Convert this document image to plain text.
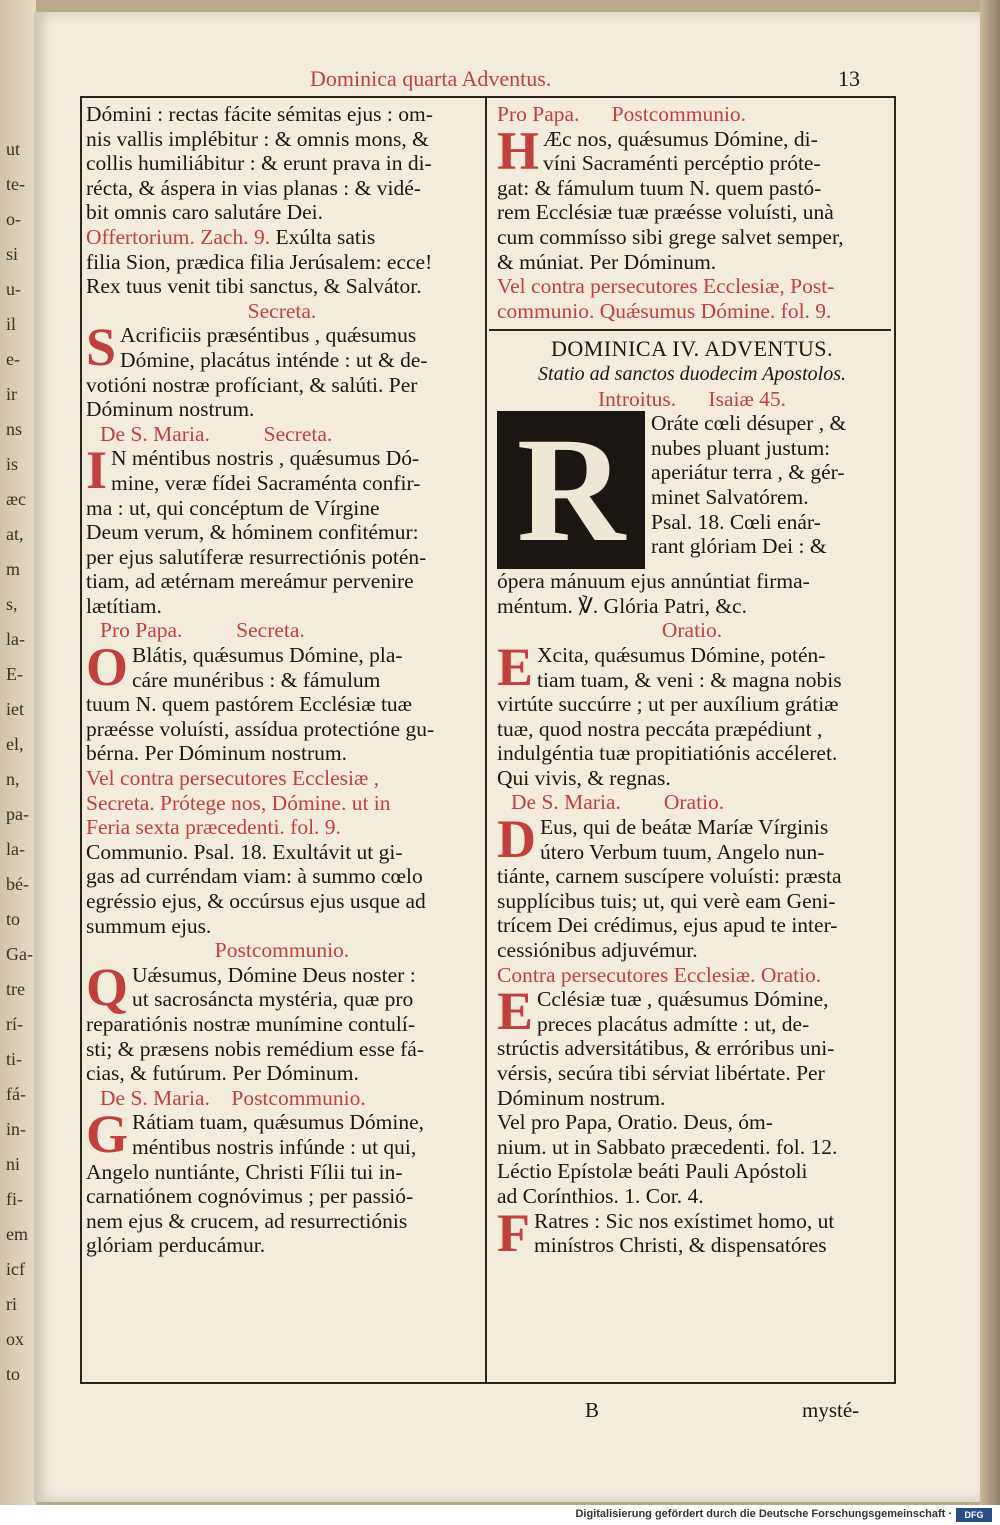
ut
te-
o-
si
u-
il
e-
ir
ns
is
æc
at,
m
s,
la-
E-
iet
el,
n,
pa-
la-
bé-
to
Ga-
tre
rí-
ti-
fá-
in-
ni
fi-
em
icf
ri
ox
to
Dominica quarta Adventus.	13
Dómini : rectas fácite sémitas ejus : om-
nis vallis implébitur : & omnis mons, &
collis humiliábitur : & erunt prava in di-
récta, & áspera in vias planas : & vidé-
bit omnis caro salutáre Dei.
Offertorium. Zach. 9. Exúlta satis
filia Sion, prædica filia Jerúsalem: ecce!
Rex tuus venit tibi sanctus, & Salvátor.
Secreta.
S Acrificiis præséntibus , quǽsumus
Dómine, placátus inténde : ut & de-
votióni nostræ profíciant, & salúti. Per
Dóminum nostrum.
De S. Maria.          Secreta.
I N méntibus nostris , quǽsumus Dó-
mine, veræ fídei Sacraménta confir-
ma : ut, qui concéptum de Vírgine
Deum verum, & hóminem confitémur:
per ejus salutíferæ resurrectiónis potén-
tiam, ad ætérnam mereámur pervenire
lætítiam.
Pro Papa.          Secreta.
O Blátis, quǽsumus Dómine, pla-
cáre munéribus : & fámulum
tuum N. quem pastórem Ecclésiæ tuæ
præésse voluísti, assídua protectióne gu-
bérna. Per Dóminum nostrum.
Vel contra persecutores Ecclesiæ ,
Secreta. Prótege nos, Dómine. ut in
Feria sexta præcedenti. fol. 9.
Communio. Psal. 18. Exultávit ut gi-
gas ad curréndam viam: à summo cœlo
egréssio ejus, & occúrsus ejus usque ad
summum ejus.
Postcommunio.
Q Uǽsumus, Dómine Deus noster :
ut sacrosáncta mystéria, quæ pro
reparatiónis nostræ munímine contulí-
sti; & præsens nobis remédium esse fá-
cias, & futúrum. Per Dóminum.
De S. Maria.    Postcommunio.
G Rátiam tuam, quǽsumus Dómine,
méntibus nostris infúnde : ut qui,
Angelo nuntiánte, Christi Fílii tui in-
carnatiónem cognóvimus ; per passió-
nem ejus & crucem, ad resurrectiónis
glóriam perducámur.
Pro Papa.      Postcommunio.
H Æc nos, quǽsumus Dómine, di-
víni Sacraménti percéptio próte-
gat: & fámulum tuum N. quem pastó-
rem Ecclésiæ tuæ præésse voluísti, unà
cum commísso sibi grege salvet semper,
& múniat. Per Dóminum.
Vel contra persecutores Ecclesiæ, Post-
communio. Quǽsumus Dómine. fol. 9.
DOMINICA IV. ADVENTUS.
Statio ad sanctos duodecim Apostolos.
Introitus.      Isaiæ 45.
R	Oráte cœli désuper , &
nubes pluant justum:
aperiátur terra , & gér-
minet Salvatórem.
Psal. 18. Cœli enár-
rant glóriam Dei : &
ópera mánuum ejus annúntiat firma-
méntum. ℣. Glória Patri, &c.
Oratio.
E Xcita, quǽsumus Dómine, potén-
tiam tuam, & veni : & magna nobis
virtúte succúrre ; ut per auxílium grátiæ
tuæ, quod nostra peccáta præpédiunt ,
indulgéntia tuæ propitiatiónis accéleret.
Qui vivis, & regnas.
De S. Maria.        Oratio.
D Eus, qui de beátæ Maríæ Vírginis
útero Verbum tuum, Angelo nun-
tiánte, carnem suscípere voluísti: præsta
supplícibus tuis; ut, qui verè eam Geni-
trícem Dei crédimus, ejus apud te inter-
cessiónibus adjuvémur.
Contra persecutores Ecclesiæ. Oratio.
E Cclésiæ tuæ , quǽsumus Dómine,
preces placátus admítte : ut, de-
strúctis adversitátibus, & erróribus uni-
vérsis, secúra tibi sérviat libértate. Per
Dóminum nostrum.
Vel pro Papa, Oratio. Deus, óm-
nium. ut in Sabbato præcedenti. fol. 12.
Léctio Epístolæ beáti Pauli Apóstoli
ad Corínthios. 1. Cor. 4.
F Ratres : Sic nos exístimet homo, ut
minístros Christi, & dispensatóres
B	mysté-
Digitalisierung gefördert durch die Deutsche Forschungsgemeinschaft ·	DFG
